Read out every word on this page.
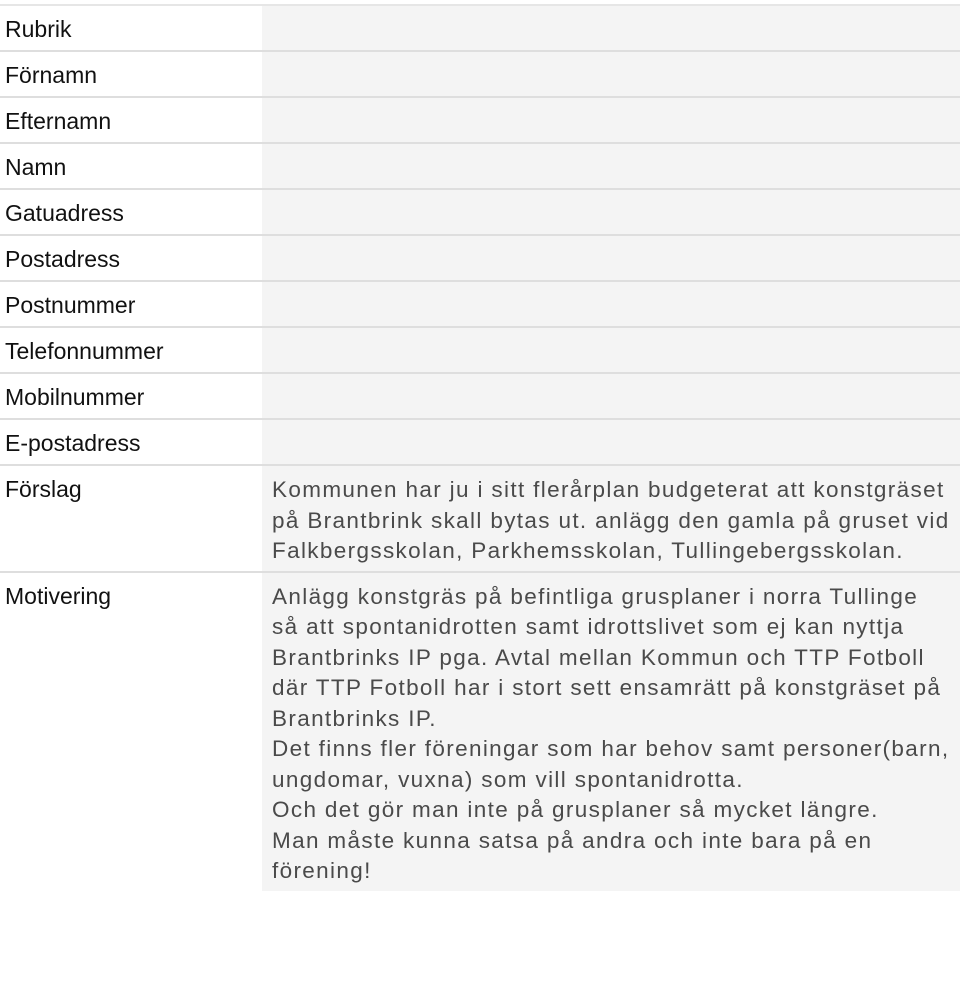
Rubrik	
Förnamn	
Efternamn	
Namn	
Gatuadress	
Postadress	
Postnummer	
Telefonnummer	
Mobilnummer	
E-postadress	
Förslag	Kommunen har ju i sitt flerårplan budgeterat att konstgräset på Brantbrink skall bytas ut. anlägg den gamla på gruset vid Falkbergsskolan, Parkhemsskolan, Tullingebergsskolan.

Motivering	Anlägg konstgräs på befintliga grusplaner i norra Tullinge så att spontanidrotten samt idrottslivet som ej kan nyttja Brantbrinks IP pga. Avtal mellan Kommun och TTP Fotboll där TTP Fotboll har i stort sett ensamrätt på konstgräset på Brantbrinks IP.
Det finns fler föreningar som har behov samt personer(barn, ungdomar, vuxna) som vill spontanidrotta.
Och det gör man inte på grusplaner så mycket längre.
Man måste kunna satsa på andra och inte bara på en förening!
